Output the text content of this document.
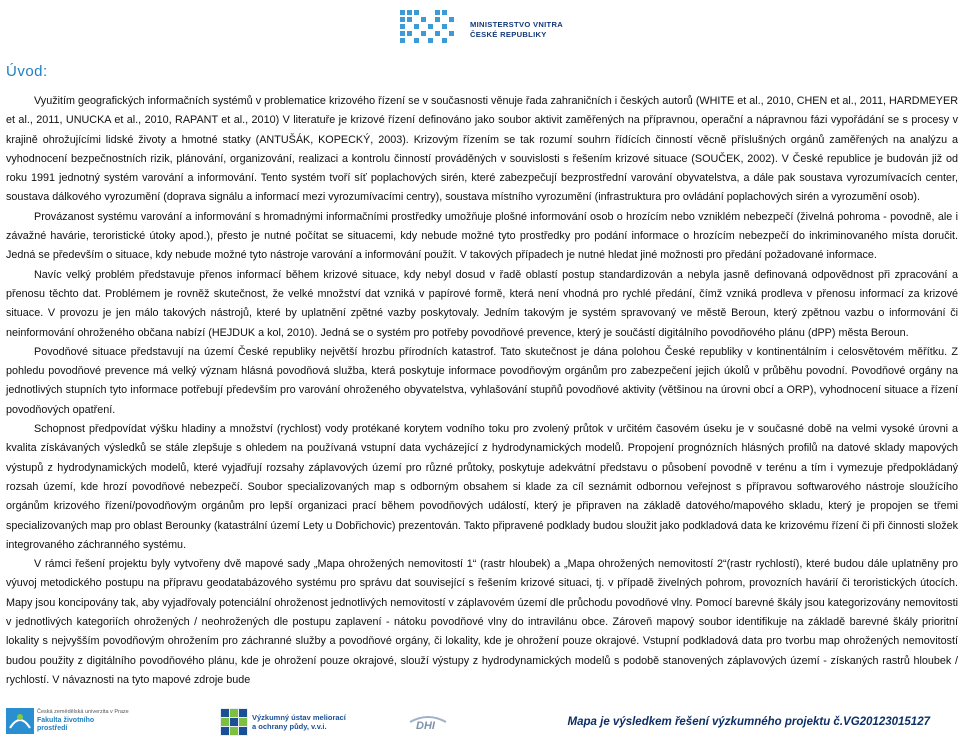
MINISTERSTVO VNITRA
ČESKÉ REPUBLIKY
Úvod:

Využitím geografických informačních systémů v problematice krizového řízení se v současnosti věnuje řada zahraničních i českých autorů (WHITE et al., 2010, CHEN et al., 2011, HARDMEYER et al., 2011, UNUCKA et al., 2010, RAPANT et al., 2010) V literatuře je krizové řízení definováno jako soubor aktivit zaměřených na přípravnou, operační a nápravnou fázi vypořádání se s procesy v krajině ohrožujícími lidské životy a hmotné statky (ANTUŠÁK, KOPECKÝ, 2003). Krizovým řízením se tak rozumí souhrn řídících činností věcně příslušných orgánů zaměřených na analýzu a vyhodnocení bezpečnostních rizik, plánování, organizování, realizaci a kontrolu činností prováděných v souvislosti s řešením krizové situace (SOUČEK, 2002). V České republice je budován již od roku 1991 jednotný systém varování a informování. Tento systém tvoří síť poplachových sirén, které zabezpečují bezprostřední varování obyvatelstva, a dále pak soustava vyrozumívacích center, soustava dálkového vyrozumění (doprava signálu a informací mezi vyrozumívacími centry), soustava místního vyrozumění (infrastruktura pro ovládání poplachových sirén a vyrozumění osob).

Provázanost systému varování a informování s hromadnými informačními prostředky umožňuje plošné informování osob o hrozícím nebo vzniklém nebezpečí (živelná pohroma - povodně, ale i závažné havárie, teroristické útoky apod.), přesto je nutné počítat se situacemi, kdy nebude možné tyto prostředky pro podání informace o hrozícím nebezpečí do inkriminovaného místa doručit. Jedná se především o situace, kdy nebude možné tyto nástroje varování a informování použít. V takových případech je nutné hledat jiné možnosti pro předání požadované informace.

Navíc velký problém představuje přenos informací během krizové situace, kdy nebyl dosud v řadě oblastí postup standardizován a nebyla jasně definovaná odpovědnost při zpracování a přenosu těchto dat. Problémem je rovněž skutečnost, že velké množství dat vzniká v papírové formě, která není vhodná pro rychlé předání, čímž vzniká prodleva v přenosu informací za krizové situace. V provozu je jen málo takových nástrojů, které by uplatnění zpětné vazby poskytovaly. Jedním takovým je systém spravovaný ve městě Beroun, který zpětnou vazbu o informování či neinformování ohroženého občana nabízí (HEJDUK a kol, 2010). Jedná se o systém pro potřeby povodňové prevence, který je součástí digitálního povodňového plánu (dPP) města Beroun.

Povodňové situace představují na území České republiky největší hrozbu přírodních katastrof. Tato skutečnost je dána polohou České republiky v kontinentálním i celosvětovém měřítku. Z pohledu povodňové prevence má velký význam hlásná povodňová služba, která poskytuje informace povodňovým orgánům pro zabezpečení jejich úkolů v průběhu povodní. Povodňové orgány na jednotlivých stupních tyto informace potřebují především pro varování ohroženého obyvatelstva, vyhlašování stupňů povodňové aktivity (většinou na úrovni obcí a ORP), vyhodnocení situace a řízení povodňových opatření.

Schopnost předpovídat výšku hladiny a množství (rychlost) vody protékané korytem vodního toku pro zvolený průtok v určitém časovém úseku je v současné době na velmi vysoké úrovni a kvalita získávaných výsledků se stále zlepšuje s ohledem na používaná vstupní data vycházející z hydrodynamických modelů. Propojení prognózních hlásných profilů na datové sklady mapových výstupů z hydrodynamických modelů, které vyjadřují rozsahy záplavových území pro různé průtoky, poskytuje adekvátní představu o působení povodně v terénu a tím i vymezuje předpokládaný rozsah území, kde hrozí povodňové nebezpečí. Soubor specializovaných map s odborným obsahem si klade za cíl seznámit odbornou veřejnost s přípravou softwarového nástroje sloužícího orgánům krizového řízení/povodňovým orgánům pro lepší organizaci prací během povodňových událostí, který je připraven na základě datového/mapového skladu, který je propojen se třemi specializovaných map pro oblast Berounky (katastrální území Lety u Dobřichovic) prezentován. Takto připravené podklady budou sloužit jako podkladová data ke krizovému řízení či při činnosti složek integrovaného záchranného systému.

V rámci řešení projektu byly vytvořeny dvě mapové sady „Mapa ohrožených nemovitostí 1“ (rastr hloubek) a „Mapa ohrožených nemovitostí 2“(rastr rychlostí), které budou dále uplatněny pro výuvoj metodického postupu na přípravu geodatabázového systému pro správu dat související s řešením krizové situaci, tj. v případě živelných pohrom, provozních havárií či teroristických útocích. Mapy jsou koncipovány tak, aby vyjadřovaly potenciální ohroženost jednotlivých nemovitostí v záplavovém území dle průchodu povodňové vlny. Pomocí barevné škály jsou kategorizovány nemovitosti v jednotlivých kategoriích ohrožených / neohrožených dle postupu zaplavení - nátoku povodňové vlny do intravilánu obce. Zároveň mapový soubor identifikuje na základě barevné škály prioritní lokality s nejvyšším povodňovým ohrožením pro záchranné služby a povodňové orgány, či lokality, kde je ohrožení pouze okrajové. Vstupní podkladová data pro tvorbu map ohrožených nemovitostí budou použity z digitálního povodňového plánu, kde je ohrožení pouze okrajové, slouží výstupy z hydrodynamických modelů s podobě stanovených záplavových území - získaných rastrů hloubek / rychlostí. V návaznosti na tyto mapové zdroje bude

Česká zemědělská univerzita v Praze
Fakulta životního
prostředí
Výzkumný ústav meliorací
a ochrany půdy, v.v.i.	DHI	Mapa je výsledkem řešení výzkumného projektu č.VG20123015127
